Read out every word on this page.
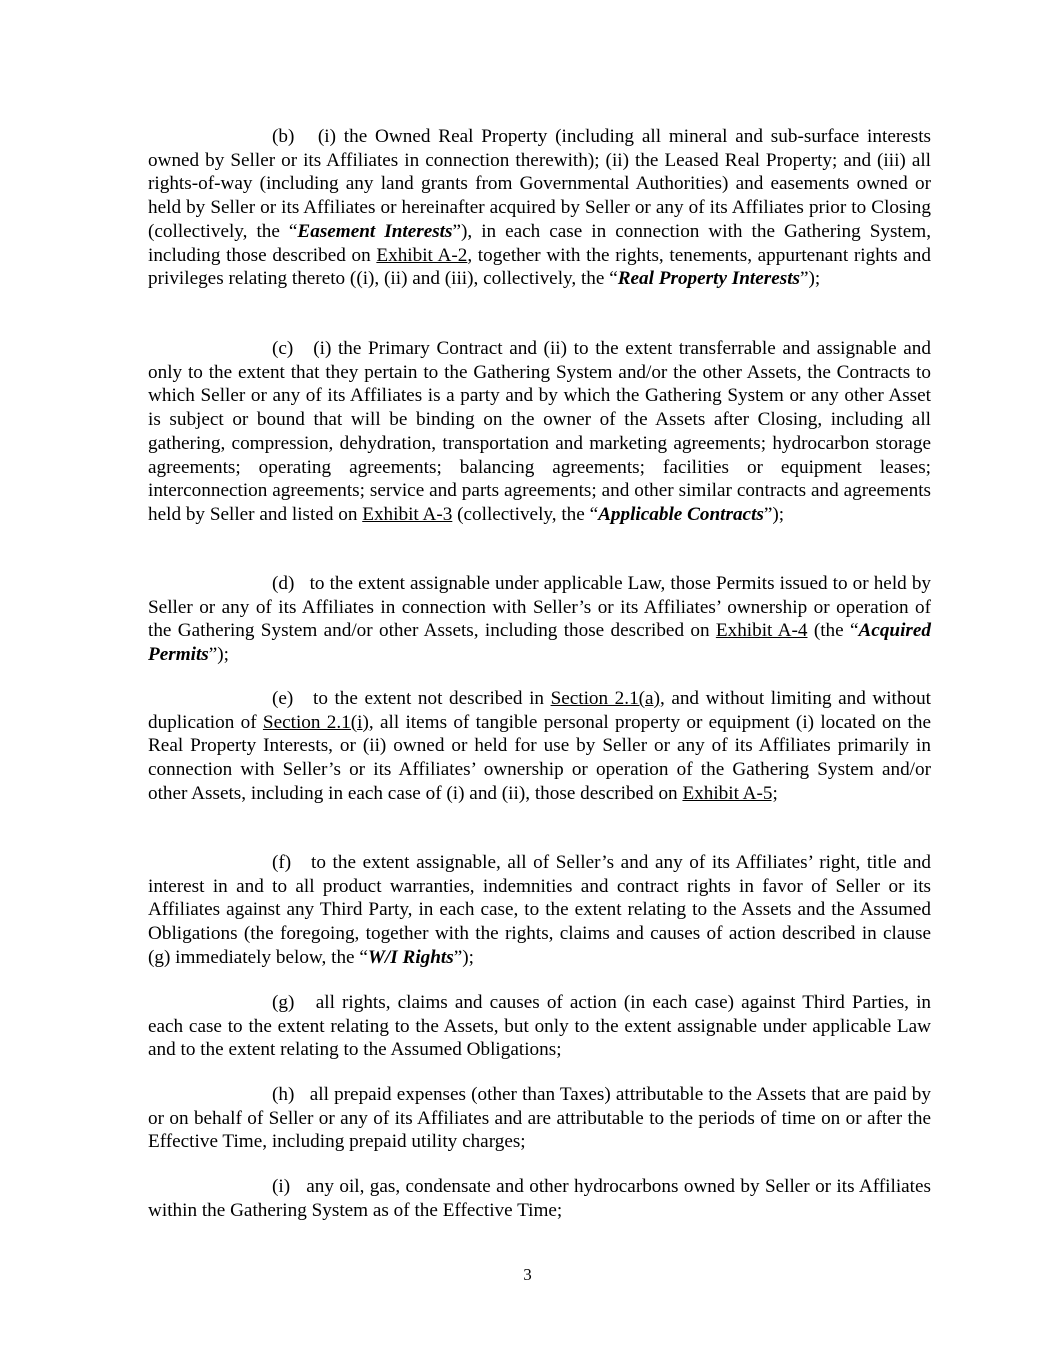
(b) (i) the Owned Real Property (including all mineral and sub-surface interests owned by Seller or its Affiliates in connection therewith); (ii) the Leased Real Property; and (iii) all rights-of-way (including any land grants from Governmental Authorities) and easements owned or held by Seller or its Affiliates or hereinafter acquired by Seller or any of its Affiliates prior to Closing (collectively, the “Easement Interests”), in each case in connection with the Gathering System, including those described on Exhibit A-2, together with the rights, tenements, appurtenant rights and privileges relating thereto ((i), (ii) and (iii), collectively, the “Real Property Interests”);

(c) (i) the Primary Contract and (ii) to the extent transferrable and assignable and only to the extent that they pertain to the Gathering System and/or the other Assets, the Contracts to which Seller or any of its Affiliates is a party and by which the Gathering System or any other Asset is subject or bound that will be binding on the owner of the Assets after Closing, including all gathering, compression, dehydration, transportation and marketing agreements; hydrocarbon storage agreements; operating agreements; balancing agreements; facilities or equipment leases; interconnection agreements; service and parts agreements; and other similar contracts and agreements held by Seller and listed on Exhibit A-3 (collectively, the “Applicable Contracts”);

(d) to the extent assignable under applicable Law, those Permits issued to or held by Seller or any of its Affiliates in connection with Seller’s or its Affiliates’ ownership or operation of the Gathering System and/or other Assets, including those described on Exhibit A-4 (the “Acquired Permits”);

(e) to the extent not described in Section 2.1(a), and without limiting and without duplication of Section 2.1(i), all items of tangible personal property or equipment (i) located on the Real Property Interests, or (ii) owned or held for use by Seller or any of its Affiliates primarily in connection with Seller’s or its Affiliates’ ownership or operation of the Gathering System and/or other Assets, including in each case of (i) and (ii), those described on Exhibit A-5;

(f) to the extent assignable, all of Seller’s and any of its Affiliates’ right, title and interest in and to all product warranties, indemnities and contract rights in favor of Seller or its Affiliates against any Third Party, in each case, to the extent relating to the Assets and the Assumed Obligations (the foregoing, together with the rights, claims and causes of action described in clause (g) immediately below, the “W/I Rights”);

(g) all rights, claims and causes of action (in each case) against Third Parties, in each case to the extent relating to the Assets, but only to the extent assignable under applicable Law and to the extent relating to the Assumed Obligations;

(h) all prepaid expenses (other than Taxes) attributable to the Assets that are paid by or on behalf of Seller or any of its Affiliates and are attributable to the periods of time on or after the Effective Time, including prepaid utility charges;

(i) any oil, gas, condensate and other hydrocarbons owned by Seller or its Affiliates within the Gathering System as of the Effective Time;

3
